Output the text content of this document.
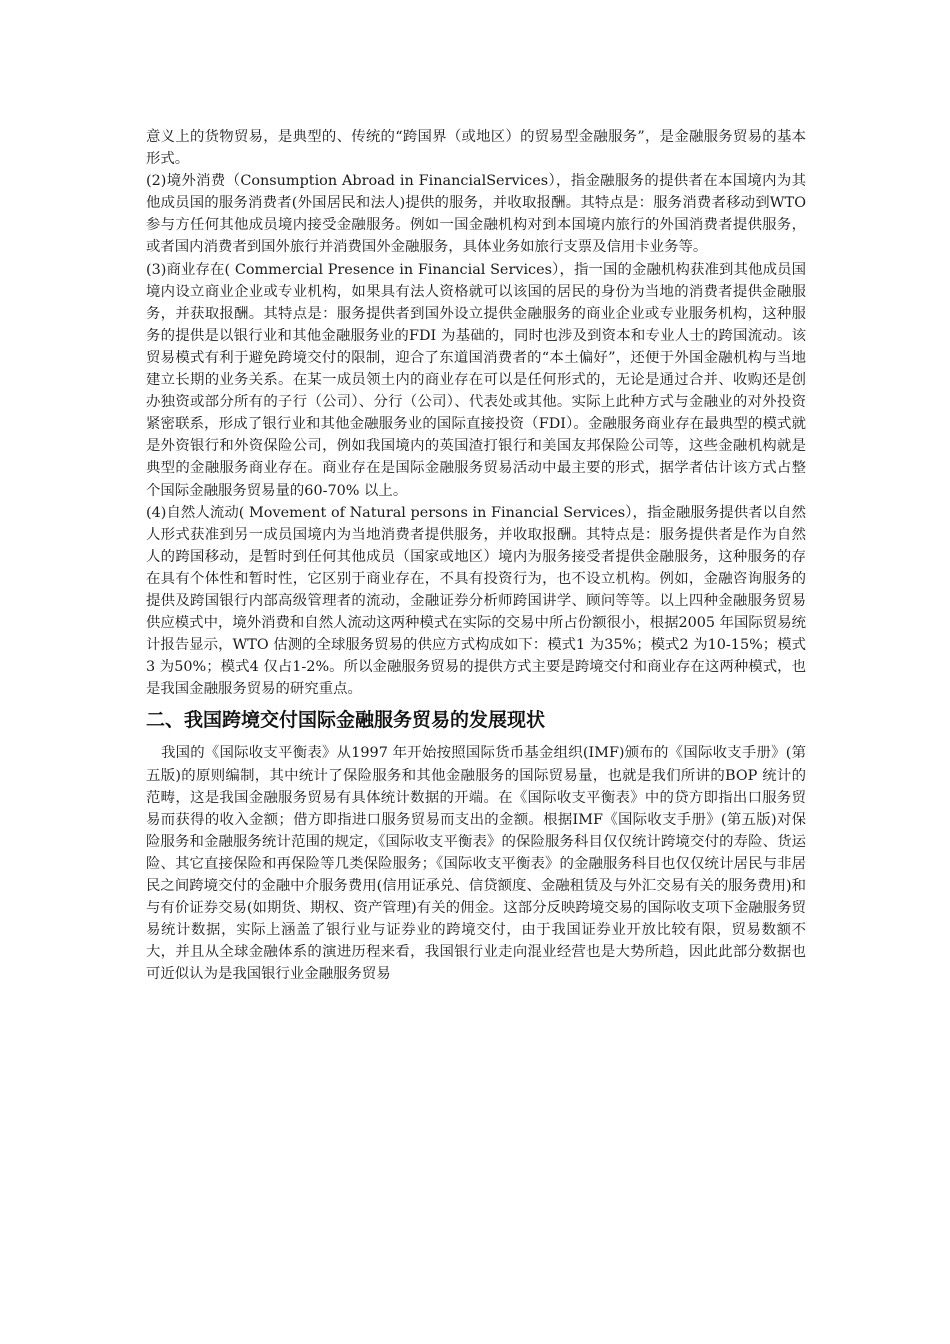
意义上的货物贸易，是典型的、传统的“跨国界（或地区）的贸易型金融服务”，是金融服务贸易的基本形式。

(2)境外消费（Consumption Abroad in FinancialServices），指金融服务的提供者在本国境内为其他成员国的服务消费者(外国居民和法人)提供的服务，并收取报酬。其特点是：服务消费者移动到WTO 参与方任何其他成员境内接受金融服务。例如一国金融机构对到本国境内旅行的外国消费者提供服务，或者国内消费者到国外旅行并消费国外金融服务，具体业务如旅行支票及信用卡业务等。

(3)商业存在( Commercial Presence in Financial Services），指一国的金融机构获准到其他成员国境内设立商业企业或专业机构，如果具有法人资格就可以该国的居民的身份为当地的消费者提供金融服务，并获取报酬。其特点是：服务提供者到国外设立提供金融服务的商业企业或专业服务机构，这种服务的提供是以银行业和其他金融服务业的FDI 为基础的，同时也涉及到资本和专业人士的跨国流动。该贸易模式有利于避免跨境交付的限制，迎合了东道国消费者的“本土偏好”，还便于外国金融机构与当地建立长期的业务关系。在某一成员领土内的商业存在可以是任何形式的，无论是通过合并、收购还是创办独资或部分所有的子行（公司）、分行（公司）、代表处或其他。实际上此种方式与金融业的对外投资紧密联系，形成了银行业和其他金融服务业的国际直接投资（FDI）。金融服务商业存在最典型的模式就是外资银行和外资保险公司，例如我国境内的英国渣打银行和美国友邦保险公司等，这些金融机构就是典型的金融服务商业存在。商业存在是国际金融服务贸易活动中最主要的形式，据学者估计该方式占整个国际金融服务贸易量的60-70% 以上。

(4)自然人流动( Movement of Natural persons in Financial Services），指金融服务提供者以自然人形式获准到另一成员国境内为当地消费者提供服务，并收取报酬。其特点是：服务提供者是作为自然人的跨国移动，是暂时到任何其他成员（国家或地区）境内为服务接受者提供金融服务，这种服务的存在具有个体性和暂时性，它区别于商业存在，不具有投资行为，也不设立机构。例如，金融咨询服务的提供及跨国银行内部高级管理者的流动，金融证券分析师跨国讲学、顾问等等。以上四种金融服务贸易供应模式中，境外消费和自然人流动这两种模式在实际的交易中所占份额很小，根据2005 年国际贸易统计报告显示，WTO 估测的全球服务贸易的供应方式构成如下：模式1 为35%；模式2 为10-15%；模式3 为50%；模式4 仅占1-2%。所以金融服务贸易的提供方式主要是跨境交付和商业存在这两种模式，也是我国金融服务贸易的研究重点。

二、我国跨境交付国际金融服务贸易的发展现状

我国的《国际收支平衡表》从1997 年开始按照国际货币基金组织(IMF)颁布的《国际收支手册》(第五版)的原则编制，其中统计了保险服务和其他金融服务的国际贸易量，也就是我们所讲的BOP 统计的范畴，这是我国金融服务贸易有具体统计数据的开端。在《国际收支平衡表》中的贷方即指出口服务贸易而获得的收入金额；借方即指进口服务贸易而支出的金额。根据IMF《国际收支手册》(第五版)对保险服务和金融服务统计范围的规定，《国际收支平衡表》的保险服务科目仅仅统计跨境交付的寿险、货运险、其它直接保险和再保险等几类保险服务；《国际收支平衡表》的金融服务科目也仅仅统计居民与非居民之间跨境交付的金融中介服务费用(信用证承兑、信贷额度、金融租赁及与外汇交易有关的服务费用)和与有价证券交易(如期货、期权、资产管理)有关的佣金。这部分反映跨境交易的国际收支项下金融服务贸易统计数据，实际上涵盖了银行业与证券业的跨境交付，由于我国证券业开放比较有限，贸易数额不大，并且从全球金融体系的演进历程来看，我国银行业走向混业经营也是大势所趋，因此此部分数据也可近似认为是我国银行业金融服务贸易
